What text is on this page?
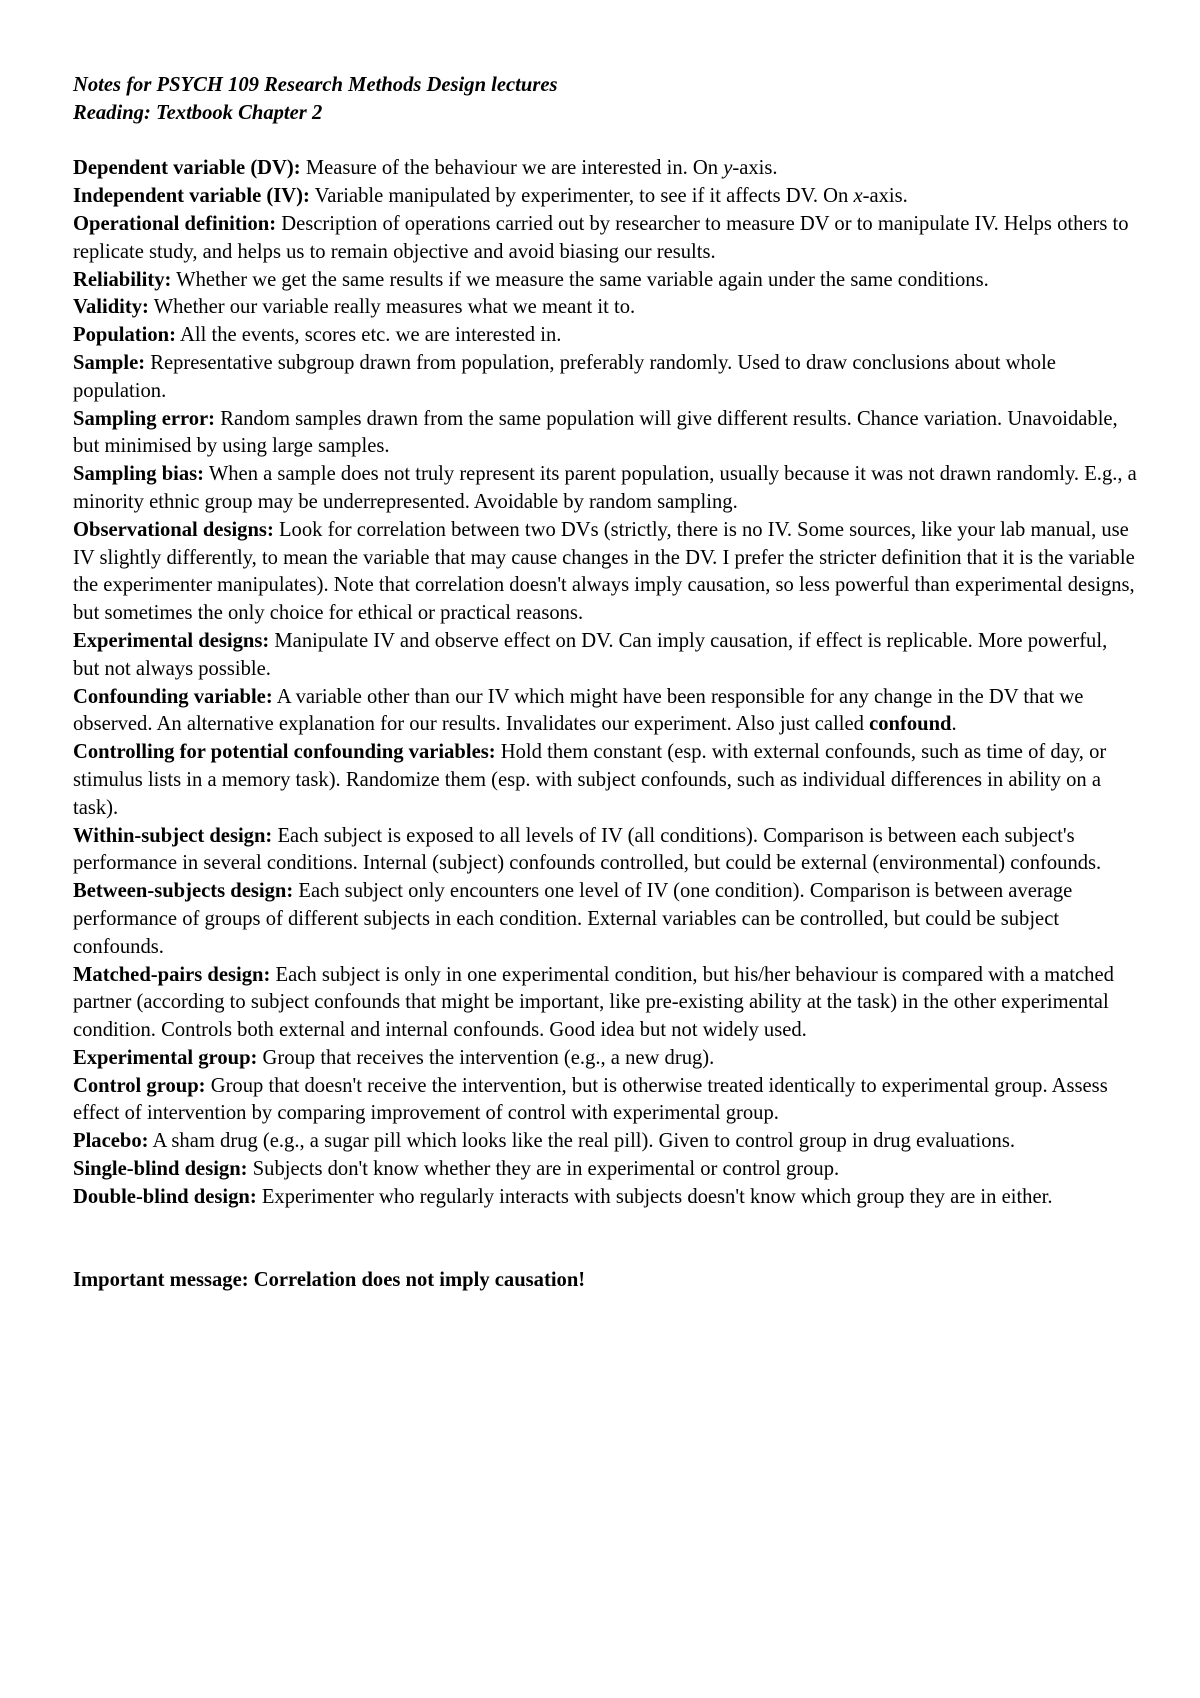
Notes for PSYCH 109 Research Methods Design lectures

Reading: Textbook Chapter 2

Dependent variable (DV): Measure of the behaviour we are interested in. On y-axis.

Independent variable (IV): Variable manipulated by experimenter, to see if it affects DV. On x-axis.

Operational definition: Description of operations carried out by researcher to measure DV or to manipulate IV. Helps others to replicate study, and helps us to remain objective and avoid biasing our results.

Reliability: Whether we get the same results if we measure the same variable again under the same conditions.

Validity: Whether our variable really measures what we meant it to.

Population: All the events, scores etc. we are interested in.

Sample: Representative subgroup drawn from population, preferably randomly. Used to draw conclusions about whole population.

Sampling error: Random samples drawn from the same population will give different results. Chance variation. Unavoidable, but minimised by using large samples.

Sampling bias: When a sample does not truly represent its parent population, usually because it was not drawn randomly. E.g., a minority ethnic group may be underrepresented. Avoidable by random sampling.

Observational designs: Look for correlation between two DVs (strictly, there is no IV. Some sources, like your lab manual, use IV slightly differently, to mean the variable that may cause changes in the DV. I prefer the stricter definition that it is the variable the experimenter manipulates). Note that correlation doesn't always imply causation, so less powerful than experimental designs, but sometimes the only choice for ethical or practical reasons.

Experimental designs: Manipulate IV and observe effect on DV. Can imply causation, if effect is replicable. More powerful, but not always possible.

Confounding variable: A variable other than our IV which might have been responsible for any change in the DV that we observed. An alternative explanation for our results. Invalidates our experiment. Also just called confound.

Controlling for potential confounding variables: Hold them constant (esp. with external confounds, such as time of day, or stimulus lists in a memory task). Randomize them (esp. with subject confounds, such as individual differences in ability on a task).

Within-subject design: Each subject is exposed to all levels of IV (all conditions). Comparison is between each subject's performance in several conditions. Internal (subject) confounds controlled, but could be external (environmental) confounds.

Between-subjects design: Each subject only encounters one level of IV (one condition). Comparison is between average performance of groups of different subjects in each condition. External variables can be controlled, but could be subject confounds.

Matched-pairs design: Each subject is only in one experimental condition, but his/her behaviour is compared with a matched partner (according to subject confounds that might be important, like pre-existing ability at the task) in the other experimental condition. Controls both external and internal confounds. Good idea but not widely used.

Experimental group: Group that receives the intervention (e.g., a new drug).

Control group: Group that doesn't receive the intervention, but is otherwise treated identically to experimental group. Assess effect of intervention by comparing improvement of control with experimental group.

Placebo: A sham drug (e.g., a sugar pill which looks like the real pill). Given to control group in drug evaluations.

Single-blind design: Subjects don't know whether they are in experimental or control group.

Double-blind design: Experimenter who regularly interacts with subjects doesn't know which group they are in either.

Important message: Correlation does not imply causation!
